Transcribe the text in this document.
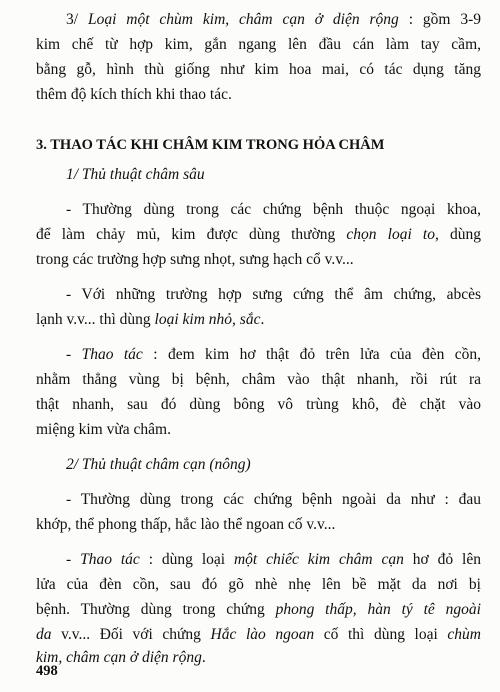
3/ Loại một chùm kim, châm cạn ở diện rộng : gồm 3-9
kim chế từ hợp kim, gắn ngang lên đầu cán làm tay cầm,
bằng gỗ, hình thù giống như kim hoa mai, có tác dụng tăng
thêm độ kích thích khi thao tác.
3. THAO TÁC KHI CHÂM KIM TRONG HỎA CHÂM
1/ Thủ thuật châm sâu
- Thường dùng trong các chứng bệnh thuộc ngoại khoa,
để làm chảy mủ, kim được dùng thường chọn loại to, dùng
trong các trường hợp sưng nhọt, sưng hạch cổ v.v...
- Với những trường hợp sưng cứng thể âm chứng, abcès
lạnh v.v... thì dùng loại kim nhỏ, sắc.
- Thao tác : đem kim hơ thật đỏ trên lửa của đèn cồn,
nhằm thẳng vùng bị bệnh, châm vào thật nhanh, rồi rút ra
thật nhanh, sau đó dùng bông vô trùng khô, đè chặt vào
miệng kim vừa châm.
2/ Thủ thuật châm cạn (nông)
- Thường dùng trong các chứng bệnh ngoài da như : đau
khớp, thể phong thấp, hắc lào thể ngoan cố v.v...
- Thao tác : dùng loại một chiếc kim châm cạn hơ đỏ lên
lửa của đèn cồn, sau đó gõ nhè nhẹ lên bề mặt da nơi bị
bệnh. Thường dùng trong chứng phong thấp, hàn tý tê ngoài
da v.v... Đối với chứng Hắc lào ngoan cố thì dùng loại chùm
kim, châm cạn ở diện rộng.
498
